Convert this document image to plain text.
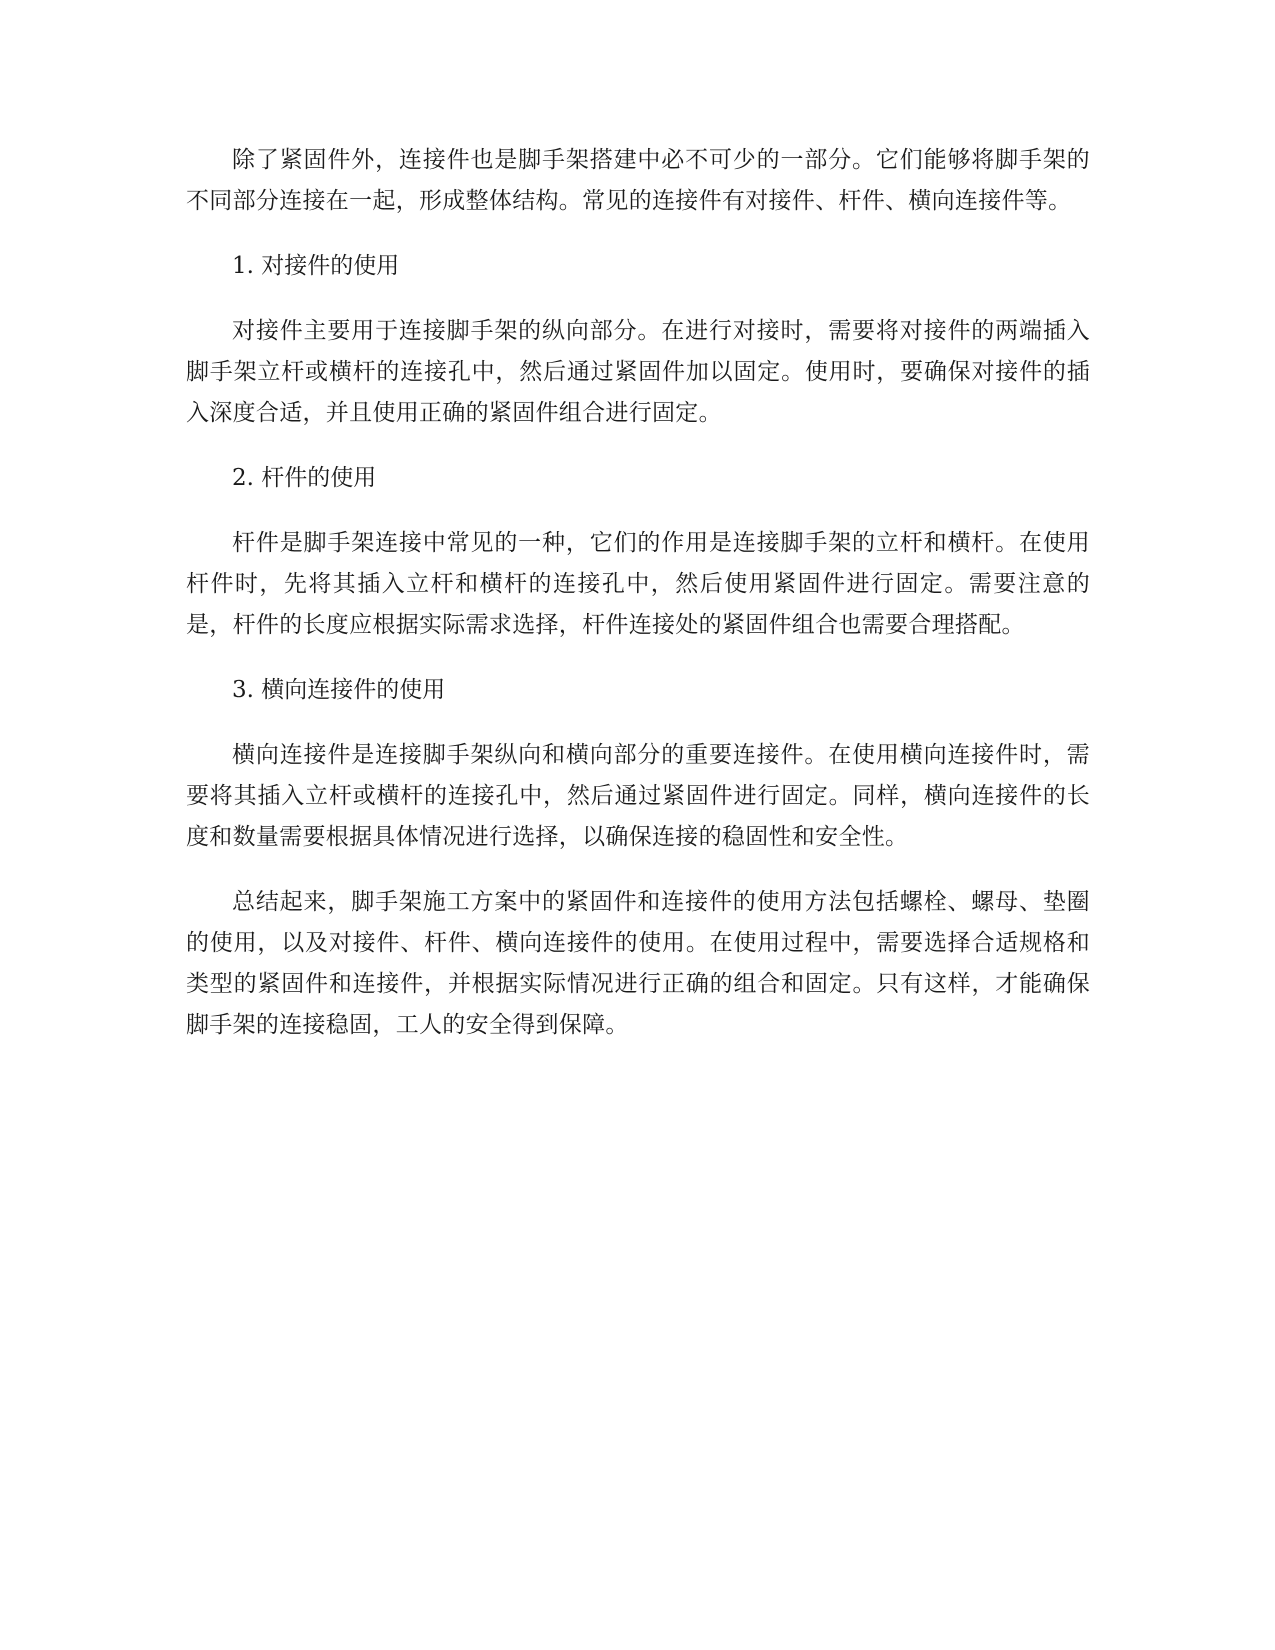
除了紧固件外，连接件也是脚手架搭建中必不可少的一部分。它们能够将脚手架的不同部分连接在一起，形成整体结构。常见的连接件有对接件、杆件、横向连接件等。

1. 对接件的使用

对接件主要用于连接脚手架的纵向部分。在进行对接时，需要将对接件的两端插入脚手架立杆或横杆的连接孔中，然后通过紧固件加以固定。使用时，要确保对接件的插入深度合适，并且使用正确的紧固件组合进行固定。

2. 杆件的使用

杆件是脚手架连接中常见的一种，它们的作用是连接脚手架的立杆和横杆。在使用杆件时，先将其插入立杆和横杆的连接孔中，然后使用紧固件进行固定。需要注意的是，杆件的长度应根据实际需求选择，杆件连接处的紧固件组合也需要合理搭配。

3. 横向连接件的使用

横向连接件是连接脚手架纵向和横向部分的重要连接件。在使用横向连接件时，需要将其插入立杆或横杆的连接孔中，然后通过紧固件进行固定。同样，横向连接件的长度和数量需要根据具体情况进行选择，以确保连接的稳固性和安全性。

总结起来，脚手架施工方案中的紧固件和连接件的使用方法包括螺栓、螺母、垫圈的使用，以及对接件、杆件、横向连接件的使用。在使用过程中，需要选择合适规格和类型的紧固件和连接件，并根据实际情况进行正确的组合和固定。只有这样，才能确保脚手架的连接稳固，工人的安全得到保障。
